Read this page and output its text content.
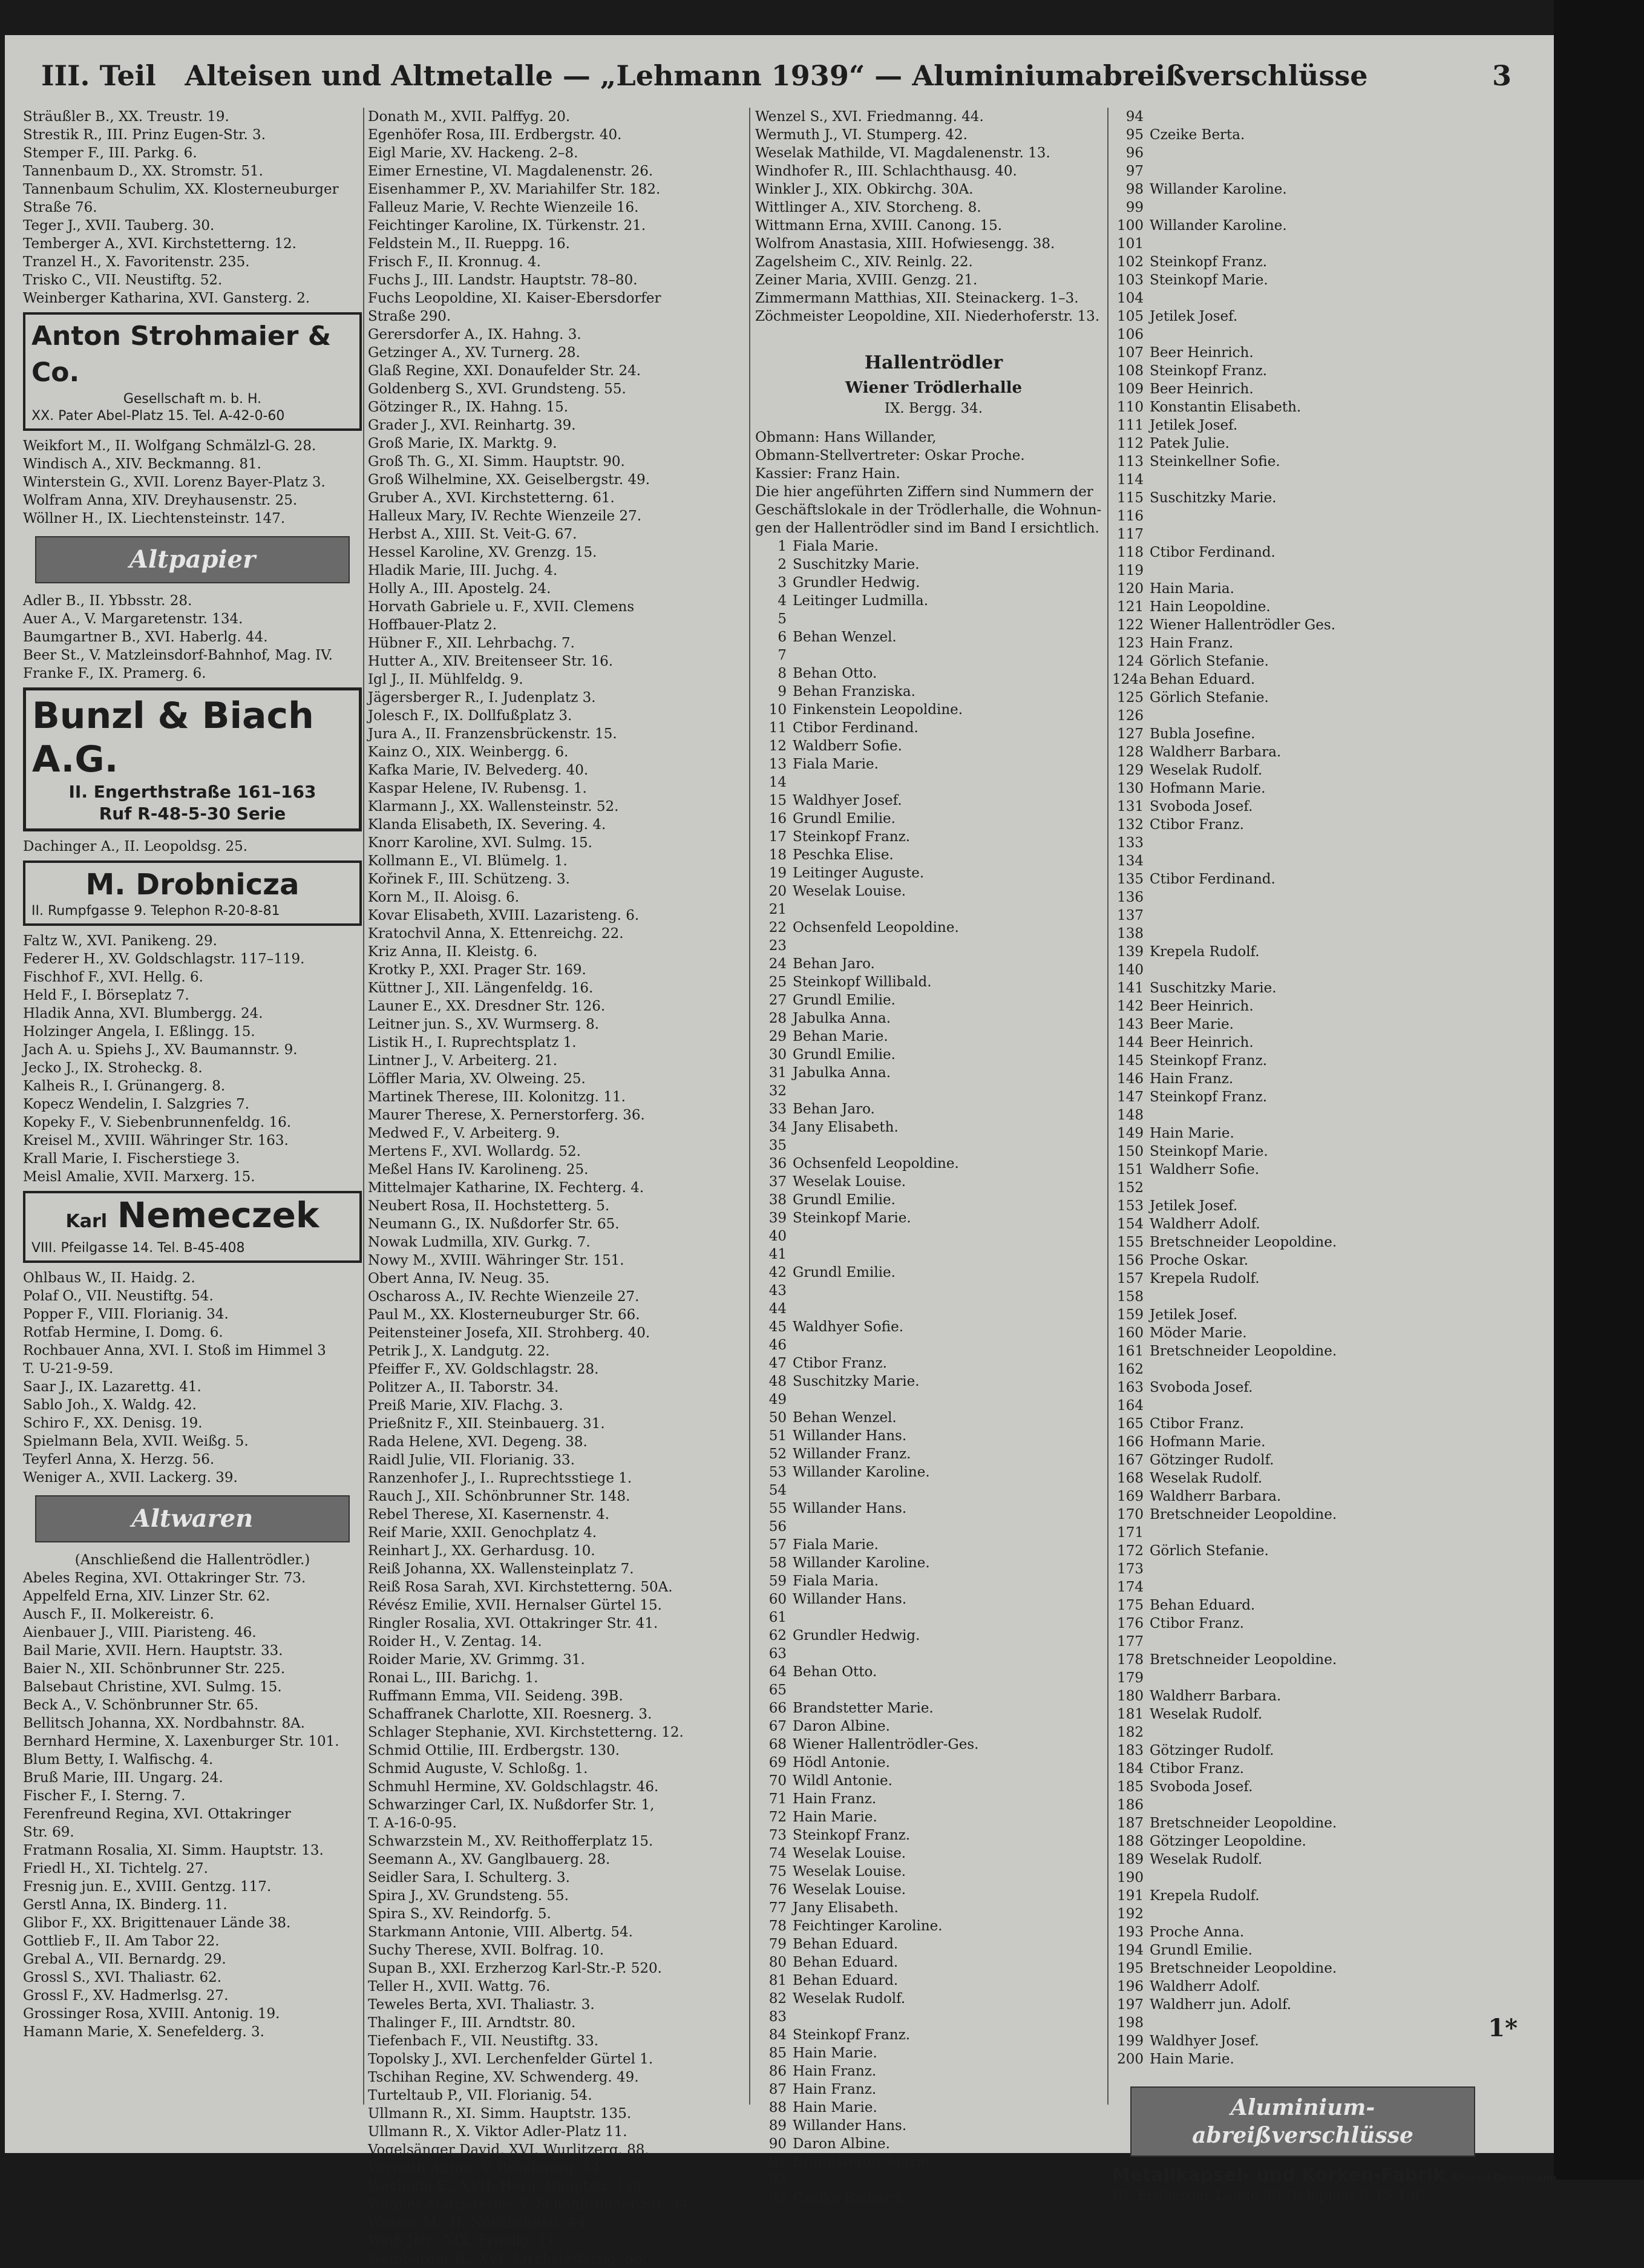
III. Teil	Alteisen und Altmetalle — „Lehmann 1939“ — Aluminiumabreißverschlüsse	3
Sträußler B., XX. Treustr. 19.
Strestik R., III. Prinz Eugen-Str. 3.
Stemper F., III. Parkg. 6.
Tannenbaum D., XX. Stromstr. 51.
Tannenbaum Schulim, XX. Klosterneuburger
Straße 76.
Teger J., XVII. Tauberg. 30.
Temberger A., XVI. Kirchstetterng. 12.
Tranzel H., X. Favoritenstr. 235.
Trisko C., VII. Neustiftg. 52.
Weinberger Katharina, XVI. Gansterg. 2.
Anton Strohmaier & Co.
Gesellschaft m. b. H.
XX. Pater Abel-Platz 15. Tel. A-42-0-60
Weikfort M., II. Wolfgang Schmälzl-G. 28.
Windisch A., XIV. Beckmanng. 81.
Winterstein G., XVII. Lorenz Bayer-Platz 3.
Wolfram Anna, XIV. Dreyhausenstr. 25.
Wöllner H., IX. Liechtensteinstr. 147.
Altpapier
Adler B., II. Ybbsstr. 28.
Auer A., V. Margaretenstr. 134.
Baumgartner B., XVI. Haberlg. 44.
Beer St., V. Matzleinsdorf-Bahnhof, Mag. IV.
Franke F., IX. Pramerg. 6.
Bunzl & Biach A.G.
II. Engerthstraße 161–163
Ruf R-48-5-30 Serie
Dachinger A., II. Leopoldsg. 25.
M. Drobnicza
II. Rumpfgasse 9. Telephon R-20-8-81
Faltz W., XVI. Panikeng. 29.
Federer H., XV. Goldschlagstr. 117–119.
Fischhof F., XVI. Hellg. 6.
Held F., I. Börseplatz 7.
Hladik Anna, XVI. Blumbergg. 24.
Holzinger Angela, I. Eßlingg. 15.
Jach A. u. Spiehs J., XV. Baumannstr. 9.
Jecko J., IX. Stroheckg. 8.
Kalheis R., I. Grünangerg. 8.
Kopecz Wendelin, I. Salzgries 7.
Kopeky F., V. Siebenbrunnenfeldg. 16.
Kreisel M., XVIII. Währinger Str. 163.
Krall Marie, I. Fischerstiege 3.
Meisl Amalie, XVII. Marxerg. 15.
Karl Nemeczek
VIII. Pfeilgasse 14. Tel. B-45-408
Ohlbaus W., II. Haidg. 2.
Polaf O., VII. Neustiftg. 54.
Popper F., VIII. Florianig. 34.
Rotfab Hermine, I. Domg. 6.
Rochbauer Anna, XVI. I. Stoß im Himmel 3
T. U-21-9-59.
Saar J., IX. Lazarettg. 41.
Sablo Joh., X. Waldg. 42.
Schiro F., XX. Denisg. 19.
Spielmann Bela, XVII. Weißg. 5.
Teyferl Anna, X. Herzg. 56.
Weniger A., XVII. Lackerg. 39.
Altwaren
(Anschließend die Hallentrödler.)
Abeles Regina, XVI. Ottakringer Str. 73.
Appelfeld Erna, XIV. Linzer Str. 62.
Ausch F., II. Molkereistr. 6.
Aienbauer J., VIII. Piaristeng. 46.
Bail Marie, XVII. Hern. Hauptstr. 33.
Baier N., XII. Schönbrunner Str. 225.
Balsebaut Christine, XVI. Sulmg. 15.
Beck A., V. Schönbrunner Str. 65.
Bellitsch Johanna, XX. Nordbahnstr. 8A.
Bernhard Hermine, X. Laxenburger Str. 101.
Blum Betty, I. Walfischg. 4.
Bruß Marie, III. Ungarg. 24.
Fischer F., I. Sterng. 7.
Ferenfreund Regina, XVI. Ottakringer
Str. 69.
Fratmann Rosalia, XI. Simm. Hauptstr. 13.
Friedl H., XI. Tichtelg. 27.
Fresnig jun. E., XVIII. Gentzg. 117.
Gerstl Anna, IX. Binderg. 11.
Glibor F., XX. Brigittenauer Lände 38.
Gottlieb F., II. Am Tabor 22.
Grebal A., VII. Bernardg. 29.
Grossl S., XVI. Thaliastr. 62.
Grossl F., XV. Hadmerlsg. 27.
Grossinger Rosa, XVIII. Antonig. 19.
Hamann Marie, X. Senefelderg. 3.
Donath M., XVII. Palffyg. 20.
Egenhöfer Rosa, III. Erdbergstr. 40.
Eigl Marie, XV. Hackeng. 2–8.
Eimer Ernestine, VI. Magdalenenstr. 26.
Eisenhammer P., XV. Mariahilfer Str. 182.
Falleuz Marie, V. Rechte Wienzeile 16.
Feichtinger Karoline, IX. Türkenstr. 21.
Feldstein M., II. Rueppg. 16.
Frisch F., II. Kronnug. 4.
Fuchs J., III. Landstr. Hauptstr. 78–80.
Fuchs Leopoldine, XI. Kaiser-Ebersdorfer
Straße 290.
Gerersdorfer A., IX. Hahng. 3.
Getzinger A., XV. Turnerg. 28.
Glaß Regine, XXI. Donaufelder Str. 24.
Goldenberg S., XVI. Grundsteng. 55.
Götzinger R., IX. Hahng. 15.
Grader J., XVI. Reinhartg. 39.
Groß Marie, IX. Marktg. 9.
Groß Th. G., XI. Simm. Hauptstr. 90.
Groß Wilhelmine, XX. Geiselbergstr. 49.
Gruber A., XVI. Kirchstetterng. 61.
Halleux Mary, IV. Rechte Wienzeile 27.
Herbst A., XIII. St. Veit-G. 67.
Hessel Karoline, XV. Grenzg. 15.
Hladik Marie, III. Juchg. 4.
Holly A., III. Apostelg. 24.
Horvath Gabriele u. F., XVII. Clemens
Hoffbauer-Platz 2.
Hübner F., XII. Lehrbachg. 7.
Hutter A., XIV. Breitenseer Str. 16.
Igl J., II. Mühlfeldg. 9.
Jägersberger R., I. Judenplatz 3.
Jolesch F., IX. Dollfußplatz 3.
Jura A., II. Franzensbrückenstr. 15.
Kainz O., XIX. Weinbergg. 6.
Kafka Marie, IV. Belvederg. 40.
Kaspar Helene, IV. Rubensg. 1.
Klarmann J., XX. Wallensteinstr. 52.
Klanda Elisabeth, IX. Severing. 4.
Knorr Karoline, XVI. Sulmg. 15.
Kollmann E., VI. Blümelg. 1.
Kořinek F., III. Schützeng. 3.
Korn M., II. Aloisg. 6.
Kovar Elisabeth, XVIII. Lazaristeng. 6.
Kratochvil Anna, X. Ettenreichg. 22.
Kriz Anna, II. Kleistg. 6.
Krotky P., XXI. Prager Str. 169.
Küttner J., XII. Längenfeldg. 16.
Launer E., XX. Dresdner Str. 126.
Leitner jun. S., XV. Wurmserg. 8.
Listik H., I. Ruprechtsplatz 1.
Lintner J., V. Arbeiterg. 21.
Löffler Maria, XV. Olweing. 25.
Martinek Therese, III. Kolonitzg. 11.
Maurer Therese, X. Pernerstorferg. 36.
Medwed F., V. Arbeiterg. 9.
Mertens F., XVI. Wollardg. 52.
Meßel Hans IV. Karolineng. 25.
Mittelmajer Katharine, IX. Fechterg. 4.
Neubert Rosa, II. Hochstetterg. 5.
Neumann G., IX. Nußdorfer Str. 65.
Nowak Ludmilla, XIV. Gurkg. 7.
Nowy M., XVIII. Währinger Str. 151.
Obert Anna, IV. Neug. 35.
Oschaross A., IV. Rechte Wienzeile 27.
Paul M., XX. Klosterneuburger Str. 66.
Peitensteiner Josefa, XII. Strohberg. 40.
Petrik J., X. Landgutg. 22.
Pfeiffer F., XV. Goldschlagstr. 28.
Politzer A., II. Taborstr. 34.
Preiß Marie, XIV. Flachg. 3.
Prießnitz F., XII. Steinbauerg. 31.
Rada Helene, XVI. Degeng. 38.
Raidl Julie, VII. Florianig. 33.
Ranzenhofer J., I.. Ruprechtsstiege 1.
Rauch J., XII. Schönbrunner Str. 148.
Rebel Therese, XI. Kasernenstr. 4.
Reif Marie, XXII. Genochplatz 4.
Reinhart J., XX. Gerhardusg. 10.
Reiß Johanna, XX. Wallensteinplatz 7.
Reiß Rosa Sarah, XVI. Kirchstetterng. 50A.
Révész Emilie, XVII. Hernalser Gürtel 15.
Ringler Rosalia, XVI. Ottakringer Str. 41.
Roider H., V. Zentag. 14.
Roider Marie, XV. Grimmg. 31.
Ronai L., III. Barichg. 1.
Ruffmann Emma, VII. Seideng. 39B.
Schaffranek Charlotte, XII. Roesnerg. 3.
Schlager Stephanie, XVI. Kirchstetterng. 12.
Schmid Ottilie, III. Erdbergstr. 130.
Schmid Auguste, V. Schloßg. 1.
Schmuhl Hermine, XV. Goldschlagstr. 46.
Schwarzinger Carl, IX. Nußdorfer Str. 1,
T. A-16-0-95.
Schwarzstein M., XV. Reithofferplatz 15.
Seemann A., XV. Ganglbauerg. 28.
Seidler Sara, I. Schulterg. 3.
Spira J., XV. Grundsteng. 55.
Spira S., XV. Reindorfg. 5.
Starkmann Antonie, VIII. Albertg. 54.
Suchy Therese, XVII. Bolfrag. 10.
Supan B., XXI. Erzherzog Karl-Str.-P. 520.
Teller H., XVII. Wattg. 76.
Teweles Berta, XVI. Thaliastr. 3.
Thalinger F., III. Arndtstr. 80.
Tiefenbach F., VII. Neustiftg. 33.
Topolsky J., XVI. Lerchenfelder Gürtel 1.
Tschihan Regine, XV. Schwenderg. 49.
Turteltaub P., VII. Florianig. 54.
Ullmann R., XI. Simm. Hauptstr. 135.
Ullmann R., X. Viktor Adler-Platz 11.
Vogelsänger David, XVI. Wurlitzerg. 88.
Vorreith Anton, V. Bräuhausg. 54.
Wachuda E., XVII. Hern. Hauptstr. 158.
Wagner Margarethe, V. Schönbrunner Str. 34.
Wasser M., II. Nordbahnstr. 44.
Weiß Joh., XIX. Friedlg. 11.
Weinberger R., XVI. Kirchstetterng. 53.
Wenzel S., XVI. Friedmanng. 44.
Wermuth J., VI. Stumperg. 42.
Weselak Mathilde, VI. Magdalenenstr. 13.
Windhofer R., III. Schlachthausg. 40.
Winkler J., XIX. Obkirchg. 30A.
Wittlinger A., XIV. Storcheng. 8.
Wittmann Erna, XVIII. Canong. 15.
Wolfrom Anastasia, XIII. Hofwiesengg. 38.
Zagelsheim C., XIV. Reinlg. 22.
Zeiner Maria, XVIII. Genzg. 21.
Zimmermann Matthias, XII. Steinackerg. 1–3.
Zöchmeister Leopoldine, XII. Niederhoferstr. 13.
Hallentrödler
Wiener Trödlerhalle
IX. Bergg. 34.
Obmann: Hans Willander,
Obmann-Stellvertreter: Oskar Proche.
Kassier: Franz Hain.
Die hier angeführten Ziffern sind Nummern der
Geschäftslokale in der Trödlerhalle, die Wohnun-
gen der Hallentrödler sind im Band I ersichtlich.
1 Fiala Marie.
2 Suschitzky Marie.
3 Grundler Hedwig.
4 Leitinger Ludmilla.
5
6 Behan Wenzel.
7
8 Behan Otto.
9 Behan Franziska.
10 Finkenstein Leopoldine.
11 Ctibor Ferdinand.
12 Waldberr Sofie.
13 Fiala Marie.
14
15 Waldhyer Josef.
16 Grundl Emilie.
17 Steinkopf Franz.
18 Peschka Elise.
19 Leitinger Auguste.
20 Weselak Louise.
21
22 Ochsenfeld Leopoldine.
23
24 Behan Jaro.
25 Steinkopf Willibald.
27 Grundl Emilie.
28 Jabulka Anna.
29 Behan Marie.
30 Grundl Emilie.
31 Jabulka Anna.
32
33 Behan Jaro.
34 Jany Elisabeth.
35
36 Ochsenfeld Leopoldine.
37 Weselak Louise.
38 Grundl Emilie.
39 Steinkopf Marie.
40
41
42 Grundl Emilie.
43
44
45 Waldhyer Sofie.
46
47 Ctibor Franz.
48 Suschitzky Marie.
49
50 Behan Wenzel.
51 Willander Hans.
52 Willander Franz.
53 Willander Karoline.
54
55 Willander Hans.
56
57 Fiala Marie.
58 Willander Karoline.
59 Fiala Maria.
60 Willander Hans.
61
62 Grundler Hedwig.
63
64 Behan Otto.
65
66 Brandstetter Marie.
67 Daron Albine.
68 Wiener Hallentrödler-Ges.
69 Hödl Antonie.
70 Wildl Antonie.
71 Hain Franz.
72 Hain Marie.
73 Steinkopf Franz.
74 Weselak Louise.
75 Weselak Louise.
76 Weselak Louise.
77 Jany Elisabeth.
78 Feichtinger Karoline.
79 Behan Eduard.
80 Behan Eduard.
81 Behan Eduard.
82 Weselak Rudolf.
83
84 Steinkopf Franz.
85 Hain Marie.
86 Hain Franz.
87 Hain Franz.
88 Hain Marie.
89 Willander Hans.
90 Daron Albine.
91 Brandstetter Marie.
92
93 Czeike Richard.
94
95 Czeike Berta.
96
97
98 Willander Karoline.
99
100 Willander Karoline.
101
102 Steinkopf Franz.
103 Steinkopf Marie.
104
105 Jetilek Josef.
106
107 Beer Heinrich.
108 Steinkopf Franz.
109 Beer Heinrich.
110 Konstantin Elisabeth.
111 Jetilek Josef.
112 Patek Julie.
113 Steinkellner Sofie.
114
115 Suschitzky Marie.
116
117
118 Ctibor Ferdinand.
119
120 Hain Maria.
121 Hain Leopoldine.
122 Wiener Hallentrödler Ges.
123 Hain Franz.
124 Görlich Stefanie.
124a Behan Eduard.
125 Görlich Stefanie.
126
127 Bubla Josefine.
128 Waldherr Barbara.
129 Weselak Rudolf.
130 Hofmann Marie.
131 Svoboda Josef.
132 Ctibor Franz.
133
134
135 Ctibor Ferdinand.
136
137
138
139 Krepela Rudolf.
140
141 Suschitzky Marie.
142 Beer Heinrich.
143 Beer Marie.
144 Beer Heinrich.
145 Steinkopf Franz.
146 Hain Franz.
147 Steinkopf Franz.
148
149 Hain Marie.
150 Steinkopf Marie.
151 Waldherr Sofie.
152
153 Jetilek Josef.
154 Waldherr Adolf.
155 Bretschneider Leopoldine.
156 Proche Oskar.
157 Krepela Rudolf.
158
159 Jetilek Josef.
160 Möder Marie.
161 Bretschneider Leopoldine.
162
163 Svoboda Josef.
164
165 Ctibor Franz.
166 Hofmann Marie.
167 Götzinger Rudolf.
168 Weselak Rudolf.
169 Waldherr Barbara.
170 Bretschneider Leopoldine.
171
172 Görlich Stefanie.
173
174
175 Behan Eduard.
176 Ctibor Franz.
177
178 Bretschneider Leopoldine.
179
180 Waldherr Barbara.
181 Weselak Rudolf.
182
183 Götzinger Rudolf.
184 Ctibor Franz.
185 Svoboda Josef.
186
187 Bretschneider Leopoldine.
188 Götzinger Leopoldine.
189 Weselak Rudolf.
190
191 Krepela Rudolf.
192
193 Proche Anna.
194 Grundl Emilie.
195 Bretschneider Leopoldine.
196 Waldherr Adolf.
197 Waldherr jun. Adolf.
198
199 Waldhyer Josef.
200 Hain Marie.
Aluminium-abreißverschlüsse
Metallkapsel- und Korken-Fabrik Ahread Oekermann
III. Erdberger Lände 30. Telephon U-15-1-67
1*
